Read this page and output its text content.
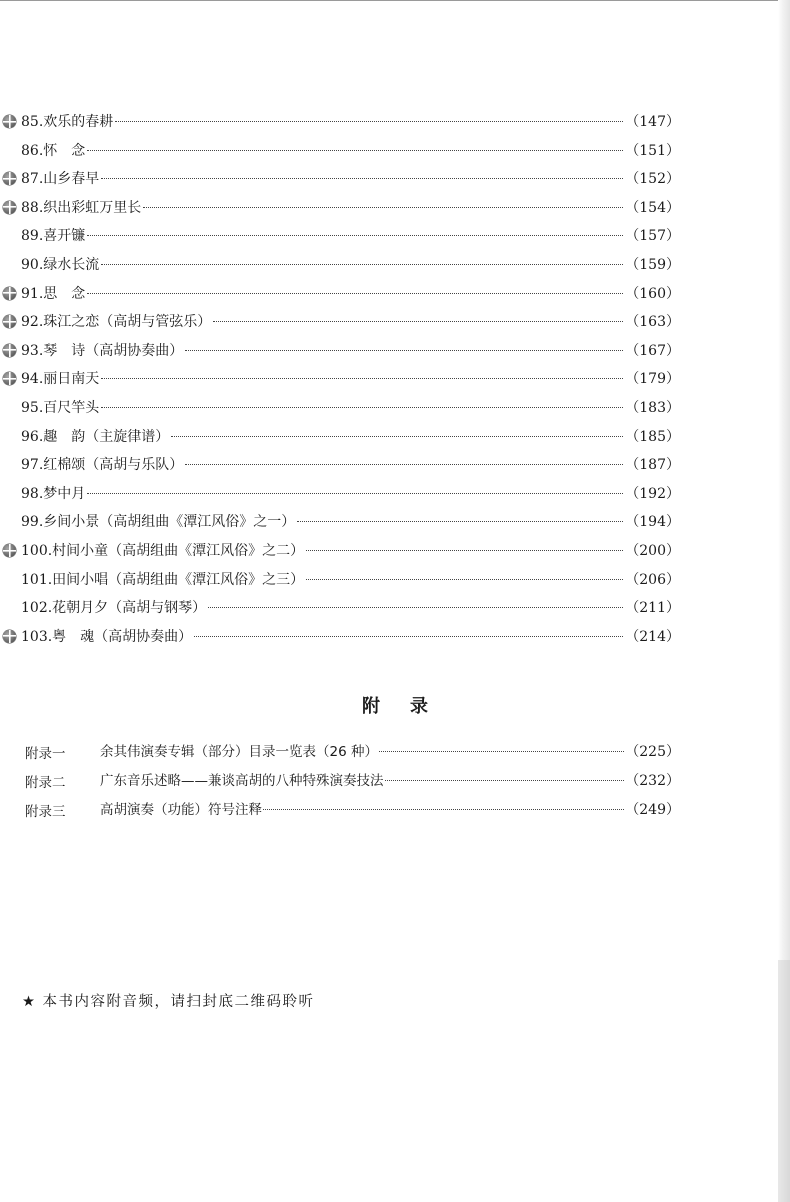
85. 欢乐的春耕	（147）
86. 怀　念	（151）
87. 山乡春早	（152）
88. 织出彩虹万里长	（154）
89. 喜开镰	（157）
90. 绿水长流	（159）
91. 思　念	（160）
92. 珠江之恋（高胡与管弦乐）	（163）
93. 琴　诗（高胡协奏曲）	（167）
94. 丽日南天	（179）
95. 百尺竿头	（183）
96. 趣　韵（主旋律谱）	（185）
97. 红棉颂（高胡与乐队）	（187）
98. 梦中月	（192）
99. 乡间小景（高胡组曲《潭江风俗》之一）	（194）
100. 村间小童（高胡组曲《潭江风俗》之二）	（200）
101. 田间小唱（高胡组曲《潭江风俗》之三）	（206）
102. 花朝月夕（高胡与钢琴）	（211）
103. 粤　魂（高胡协奏曲）	（214）
附录
附录一	余其伟演奏专辑（部分）目录一览表（26 种）	（225）
附录二	广东音乐述略——兼谈高胡的八种特殊演奏技法	（232）
附录三	高胡演奏（功能）符号注释	（249）
★ 本书内容附音频，请扫封底二维码聆听
